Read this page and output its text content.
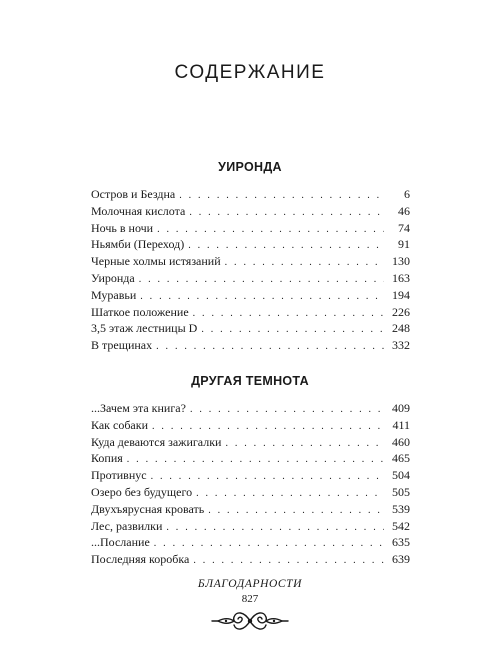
СОДЕРЖАНИЕ
УИРОНДА
Остров и Бездна . . .	6
Молочная кислота . . .	46
Ночь в ночи . . .	74
Ньямби (Переход) . . .	91
Черные холмы истязаний . . .	130
Уиронда . . .	163
Муравьи . . .	194
Шаткое положение . . .	226
3,5 этаж лестницы D . . .	248
В трещинах . . .	332
ДРУГАЯ ТЕМНОТА
...Зачем эта книга? . . .	409
Как собаки . . .	411
Куда деваются зажигалки . . .	460
Копия . . .	465
Противнус . . .	504
Озеро без будущего . . .	505
Двухъярусная кровать . . .	539
Лес, развилки . . .	542
...Послание . . .	635
Последняя коробка . . .	639
БЛАГОДАРНОСТИ
827
